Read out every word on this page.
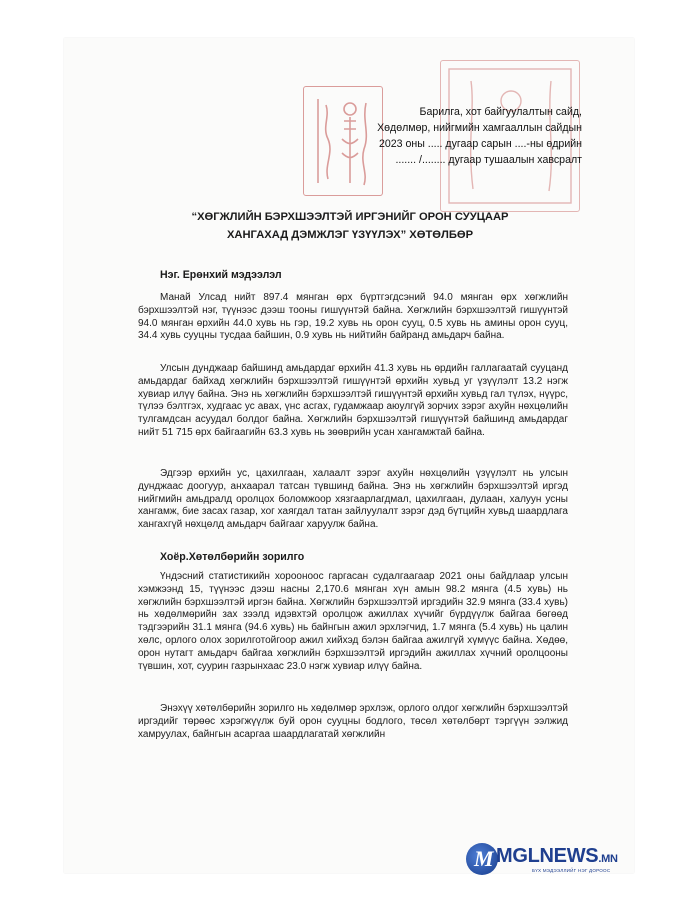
Барилга, хот байгуулалтын сайд,
Хөдөлмөр, нийгмийн хамгааллын сайдын
2023 оны ..... дугаар сарын ....-ны өдрийн
....... /........ дугаар тушаалын хавсралт
“ХӨГЖЛИЙН БЭРХШЭЭЛТЭЙ ИРГЭНИЙГ ОРОН СУУЦААР
ХАНГАХАД ДЭМЖЛЭГ ҮЗҮҮЛЭХ” ХӨТӨЛБӨР
Нэг. Ерөнхий мэдээлэл

Манай Улсад нийт 897.4 мянган өрх бүртгэгдсэний 94.0 мянган өрх хөгжлийн бэрхшээлтэй нэг, түүнээс дээш тооны гишүүнтэй байна. Хөгжлийн бэрхшээлтэй гишүүнтэй 94.0 мянган өрхийн 44.0 хувь нь гэр, 19.2 хувь нь орон сууц, 0.5 хувь нь амины орон сууц, 34.4 хувь сууцны тусдаа байшин, 0.9 хувь нь нийтийн байранд амьдарч байна.

Улсын дунджаар байшинд амьдардаг өрхийн 41.3 хувь нь өрдийн галлагаатай сууцанд амьдардаг байхад хөгжлийн бэрхшээлтэй гишүүнтэй өрхийн хувьд уг үзүүлэлт 13.2 нэгж хувиар илүү байна. Энэ нь хөгжлийн бэрхшээлтэй гишүүнтэй өрхийн хувьд гал түлэх, нүүрс, түлээ бэлтгэх, худгаас ус авах, үнс асгах, гудамжаар аюулгүй зорчих зэрэг ахуйн нөхцөлийн тулгамдсан асуудал болдог байна. Хөгжлийн бэрхшээлтэй гишүүнтэй байшинд амьдардаг нийт 51 715 өрх байгаагийн 63.3 хувь нь зөөврийн усан хангамжтай байна.

Эдгээр өрхийн ус, цахилгаан, халаалт зэрэг ахуйн нөхцөлийн үзүүлэлт нь улсын дунджаас доогуур, анхаарал татсан түвшинд байна. Энэ нь хөгжлийн бэрхшээлтэй иргэд нийгмийн амьдралд оролцох боломжоор хязгаарлагдмал, цахилгаан, дулаан, халуун усны хангамж, бие засах газар, хог хаягдал татан зайлуулалт зэрэг дэд бүтцийн хувьд шаардлага хангахгүй нөхцөлд амьдарч байгааг харуулж байна.

Хоёр.Хөтөлбөрийн зорилго

Үндэсний статистикийн хорооноос гаргасан судалгаагаар 2021 оны байдлаар улсын хэмжээнд 15, түүнээс дээш насны 2,170.6 мянган хүн амын 98.2 мянга (4.5 хувь) нь хөгжлийн бэрхшээлтэй иргэн байна. Хөгжлийн бэрхшээлтэй иргэдийн 32.9 мянга (33.4 хувь) нь хөдөлмөрийн зах зээлд идэвхтэй оролцож ажиллах хүчийг бүрдүүлж байгаа бөгөөд тэдгээрийн 31.1 мянга (94.6 хувь) нь байнгын ажил эрхлэгчид, 1.7 мянга (5.4 хувь) нь цалин хөлс, орлого олох зорилготойгоор ажил хийхэд бэлэн байгаа ажилгүй хүмүүс байна. Хөдөө, орон нутагт амьдарч байгаа хөгжлийн бэрхшээлтэй иргэдийн ажиллах хүчний оролцооны түвшин, хот, суурин газрынхаас 23.0 нэгж хувиар илүү байна.

Энэхүү хөтөлбөрийн зорилго нь хөдөлмөр эрхлэж, орлого олдог хөгжлийн бэрхшээлтэй иргэдийг төрөөс хэрэгжүүлж буй орон сууцны бодлого, төсөл хөтөлбөрт тэргүүн ээлжид хамруулах, байнгын асаргаа шаардлагатай хөгжлийн

M MGLNEWS.MN
БҮХ МЭДЭЭЛЛИЙГ НЭГ ДОРООС
